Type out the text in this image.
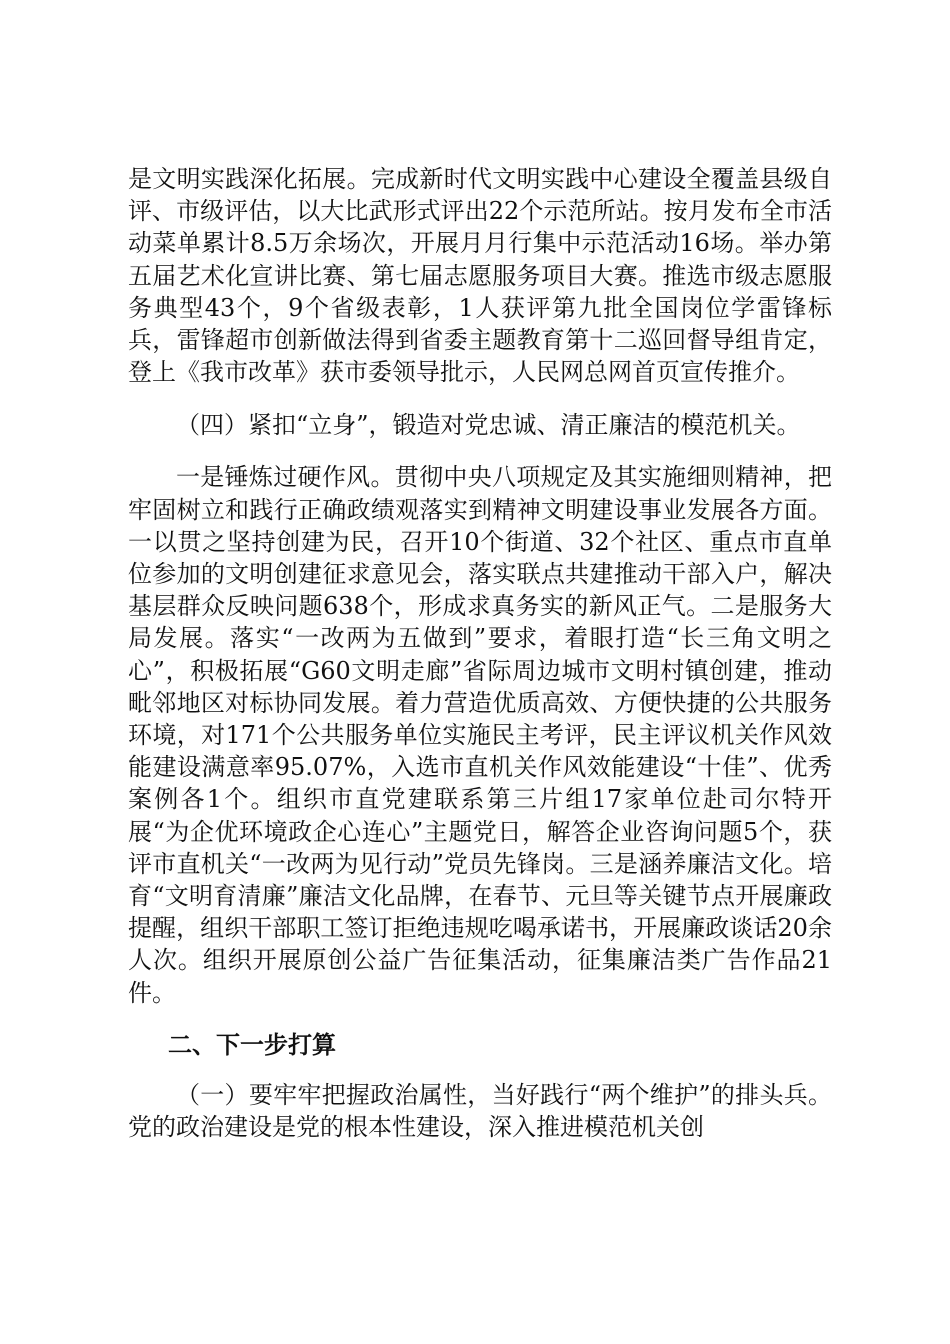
是文明实践深化拓展。完成新时代文明实践中心建设全覆盖县级自评、市级评估，以大比武形式评出22个示范所站。按月发布全市活动菜单累计8.5万余场次，开展月月行集中示范活动16场。举办第五届艺术化宣讲比赛、第七届志愿服务项目大赛。推选市级志愿服务典型43个，9个省级表彰，1人获评第九批全国岗位学雷锋标兵，雷锋超市创新做法得到省委主题教育第十二巡回督导组肯定，登上《我市改革》获市委领导批示，人民网总网首页宣传推介。

（四）紧扣“立身”，锻造对党忠诚、清正廉洁的模范机关。

一是锤炼过硬作风。贯彻中央八项规定及其实施细则精神，把牢固树立和践行正确政绩观落实到精神文明建设事业发展各方面。一以贯之坚持创建为民，召开10个街道、32个社区、重点市直单位参加的文明创建征求意见会，落实联点共建推动干部入户，解决基层群众反映问题638个，形成求真务实的新风正气。二是服务大局发展。落实“一改两为五做到”要求，着眼打造“长三角文明之心”，积极拓展“G60文明走廊”省际周边城市文明村镇创建，推动毗邻地区对标协同发展。着力营造优质高效、方便快捷的公共服务环境，对171个公共服务单位实施民主考评，民主评议机关作风效能建设满意率95.07%，入选市直机关作风效能建设“十佳”、优秀案例各1个。组织市直党建联系第三片组17家单位赴司尔特开展“为企优环境政企心连心”主题党日，解答企业咨询问题5个，获评市直机关“一改两为见行动”党员先锋岗。三是涵养廉洁文化。培育“文明育清廉”廉洁文化品牌，在春节、元旦等关键节点开展廉政提醒，组织干部职工签订拒绝违规吃喝承诺书，开展廉政谈话20余人次。组织开展原创公益广告征集活动，征集廉洁类广告作品21件。

二、下一步打算

（一）要牢牢把握政治属性，当好践行“两个维护”的排头兵。党的政治建设是党的根本性建设，深入推进模范机关创
